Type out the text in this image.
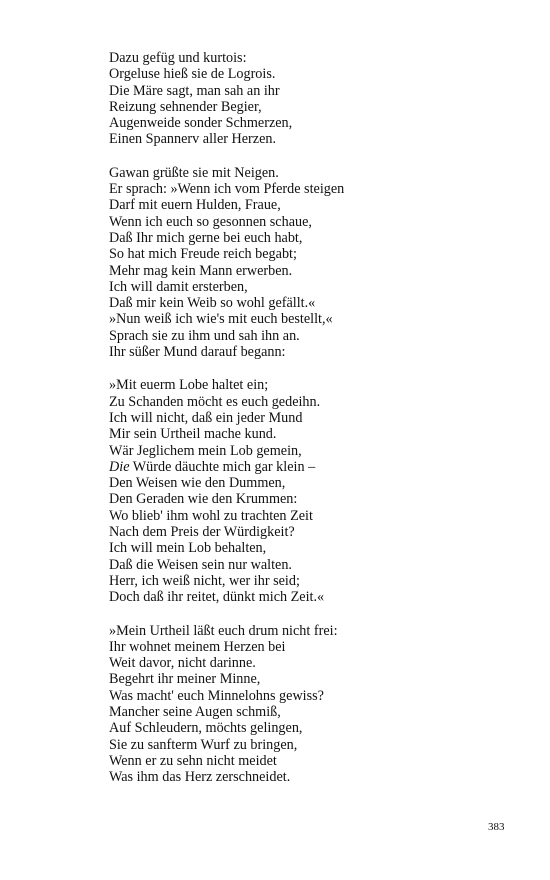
Dazu gefüg und kurtois:
Orgeluse hieß sie de Logrois.
Die Märe sagt, man sah an ihr
Reizung sehnender Begier,
Augenweide sonder Schmerzen,
Einen Spannerv aller Herzen.
Gawan grüßte sie mit Neigen.
Er sprach: »Wenn ich vom Pferde steigen
Darf mit euern Hulden, Fraue,
Wenn ich euch so gesonnen schaue,
Daß Ihr mich gerne bei euch habt,
So hat mich Freude reich begabt;
Mehr mag kein Mann erwerben.
Ich will damit ersterben,
Daß mir kein Weib so wohl gefällt.«
»Nun weiß ich wie's mit euch bestellt,«
Sprach sie zu ihm und sah ihn an.
Ihr süßer Mund darauf begann:
»Mit euerm Lobe haltet ein;
Zu Schanden möcht es euch gedeihn.
Ich will nicht, daß ein jeder Mund
Mir sein Urtheil mache kund.
Wär Jeglichem mein Lob gemein,
Die Würde däuchte mich gar klein –
Den Weisen wie den Dummen,
Den Geraden wie den Krummen:
Wo blieb' ihm wohl zu trachten Zeit
Nach dem Preis der Würdigkeit?
Ich will mein Lob behalten,
Daß die Weisen sein nur walten.
Herr, ich weiß nicht, wer ihr seid;
Doch daß ihr reitet, dünkt mich Zeit.«
»Mein Urtheil läßt euch drum nicht frei:
Ihr wohnet meinem Herzen bei
Weit davor, nicht darinne.
Begehrt ihr meiner Minne,
Was macht' euch Minnelohns gewiss?
Mancher seine Augen schmiß,
Auf Schleudern, möchts gelingen,
Sie zu sanfterm Wurf zu bringen,
Wenn er zu sehn nicht meidet
Was ihm das Herz zerschneidet.
383
